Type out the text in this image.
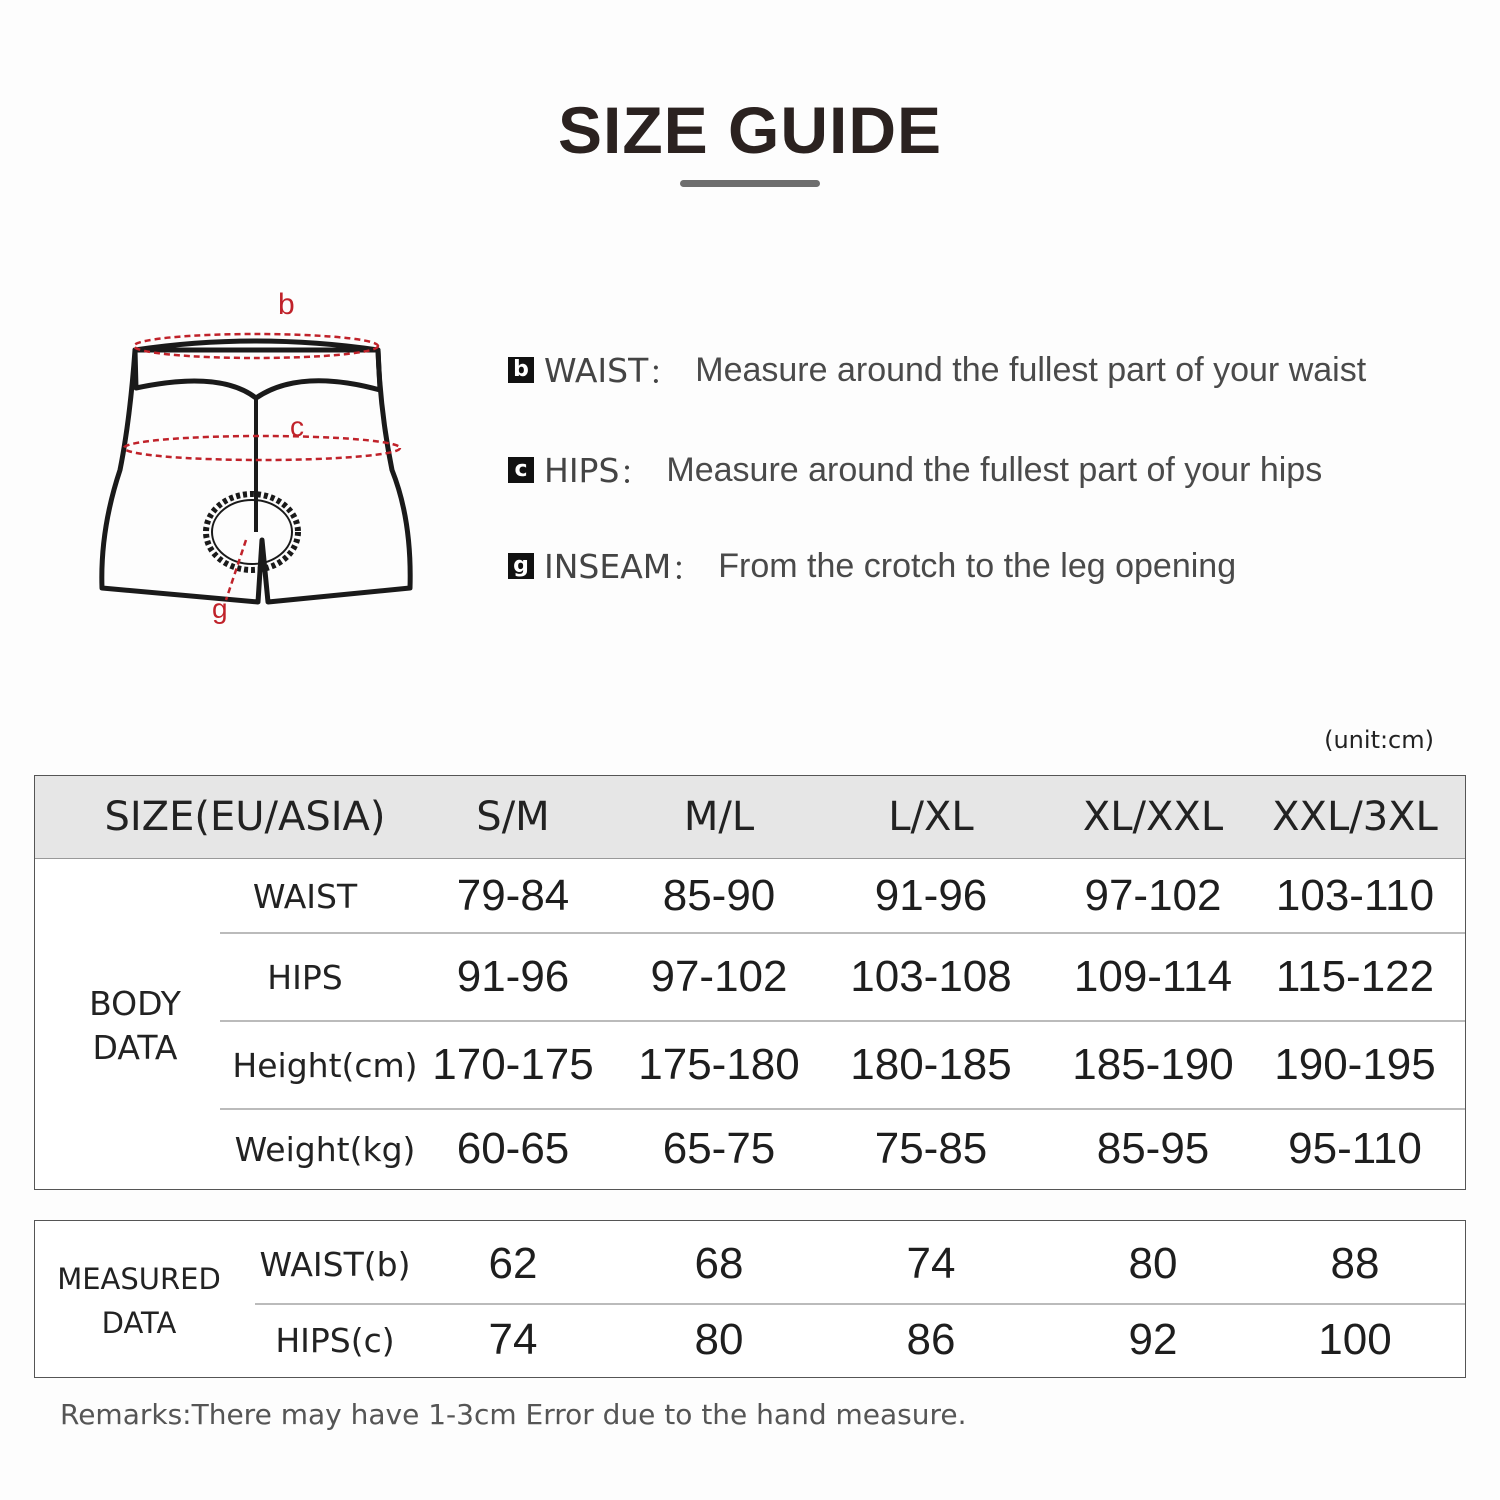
SIZE GUIDE
b
c
g
b WAIST ： Measure around the fullest part of your waist
c HIPS ： Measure around the fullest part of your hips
g INSEAM ： From the crotch to the leg opening
(unit:cm)
SIZE(EU/ASIA)	S/M	M/L	L/XL	XL/XXL	XXL/3XL
BODY
DATA
WAIST	79-84	85-90	91-96	97-102	103-110
HIPS	91-96	97-102	103-108	109-114 115-122
Height(cm) 170-175 175-180 180-185	185-190 190-195
Weight(kg) 60-65	65-75	75-85	85-95	95-110
MEASURED
DATA
WAIST(b)	62	68	74	80	88
HIPS(c)	74	80	86	92	100
Remarks:There may have 1-3cm Error due to the hand measure.
